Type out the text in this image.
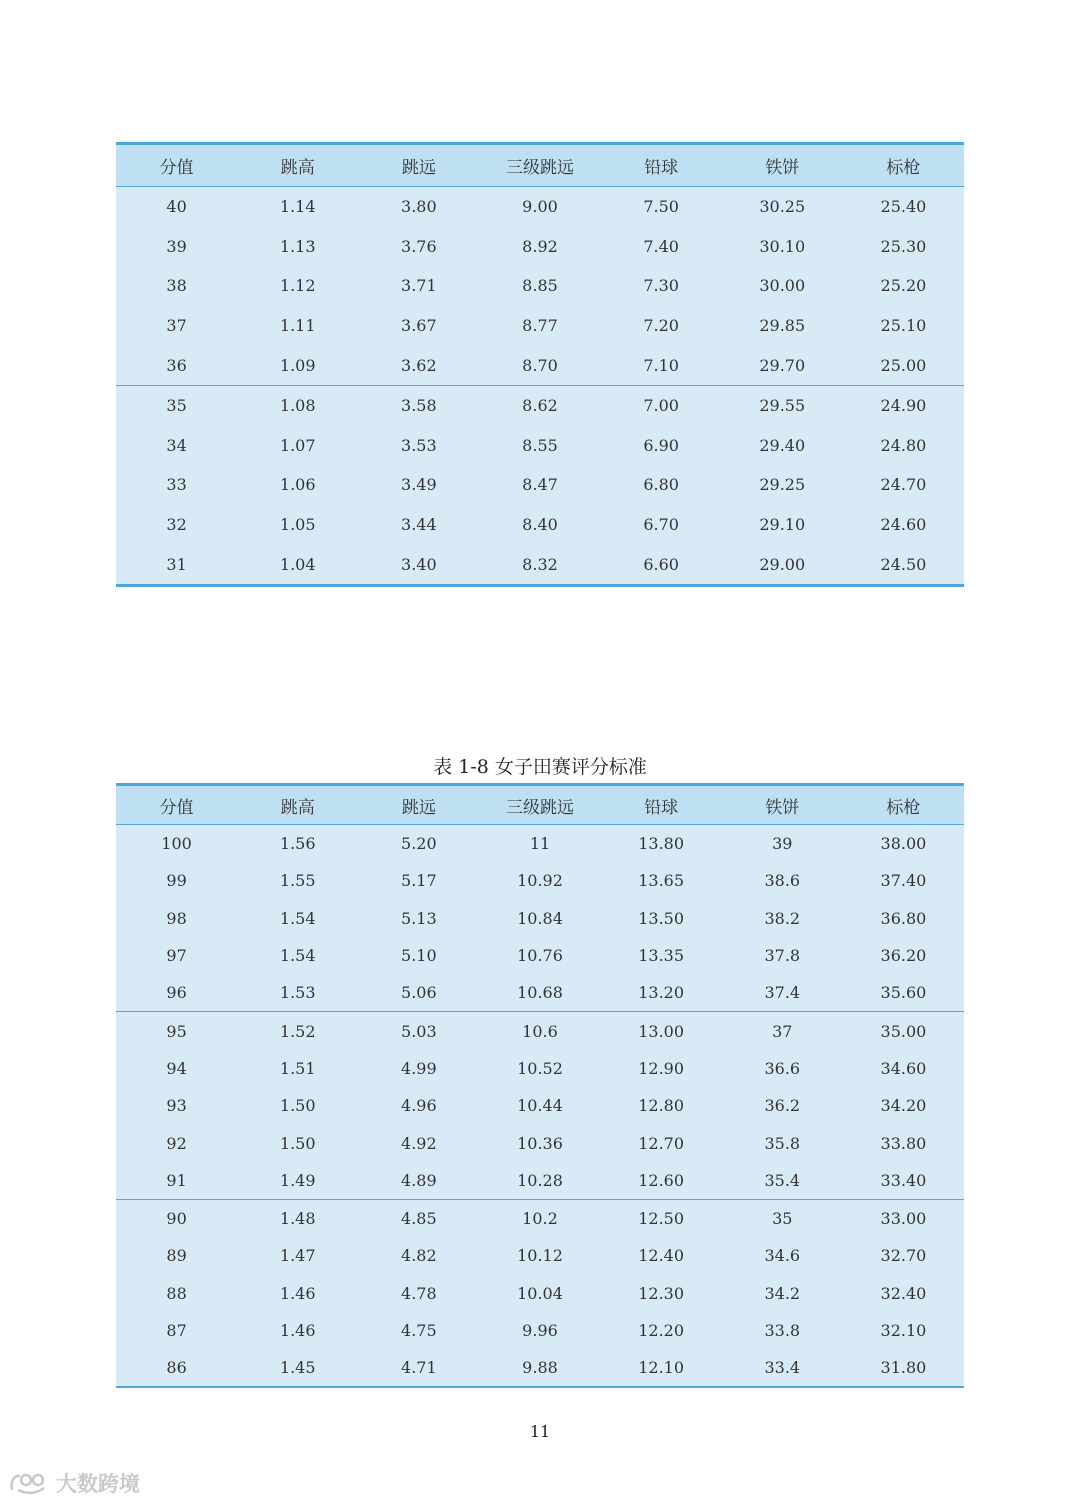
分值	跳高	跳远	三级跳远	铅球	铁饼	标枪
40	1.14	3.80	9.00	7.50	30.25	25.40
39	1.13	3.76	8.92	7.40	30.10	25.30
38	1.12	3.71	8.85	7.30	30.00	25.20
37	1.11	3.67	8.77	7.20	29.85	25.10
36	1.09	3.62	8.70	7.10	29.70	25.00
35	1.08	3.58	8.62	7.00	29.55	24.90
34	1.07	3.53	8.55	6.90	29.40	24.80
33	1.06	3.49	8.47	6.80	29.25	24.70
32	1.05	3.44	8.40	6.70	29.10	24.60
31	1.04	3.40	8.32	6.60	29.00	24.50
表 1-8 女子田赛评分标准
分值	跳高	跳远	三级跳远	铅球	铁饼	标枪
100	1.56	5.20	11	13.80	39	38.00
99	1.55	5.17	10.92	13.65	38.6	37.40
98	1.54	5.13	10.84	13.50	38.2	36.80
97	1.54	5.10	10.76	13.35	37.8	36.20
96	1.53	5.06	10.68	13.20	37.4	35.60
95	1.52	5.03	10.6	13.00	37	35.00
94	1.51	4.99	10.52	12.90	36.6	34.60
93	1.50	4.96	10.44	12.80	36.2	34.20
92	1.50	4.92	10.36	12.70	35.8	33.80
91	1.49	4.89	10.28	12.60	35.4	33.40
90	1.48	4.85	10.2	12.50	35	33.00
89	1.47	4.82	10.12	12.40	34.6	32.70
88	1.46	4.78	10.04	12.30	34.2	32.40
87	1.46	4.75	9.96	12.20	33.8	32.10
86	1.45	4.71	9.88	12.10	33.4	31.80
11
大数跨境
